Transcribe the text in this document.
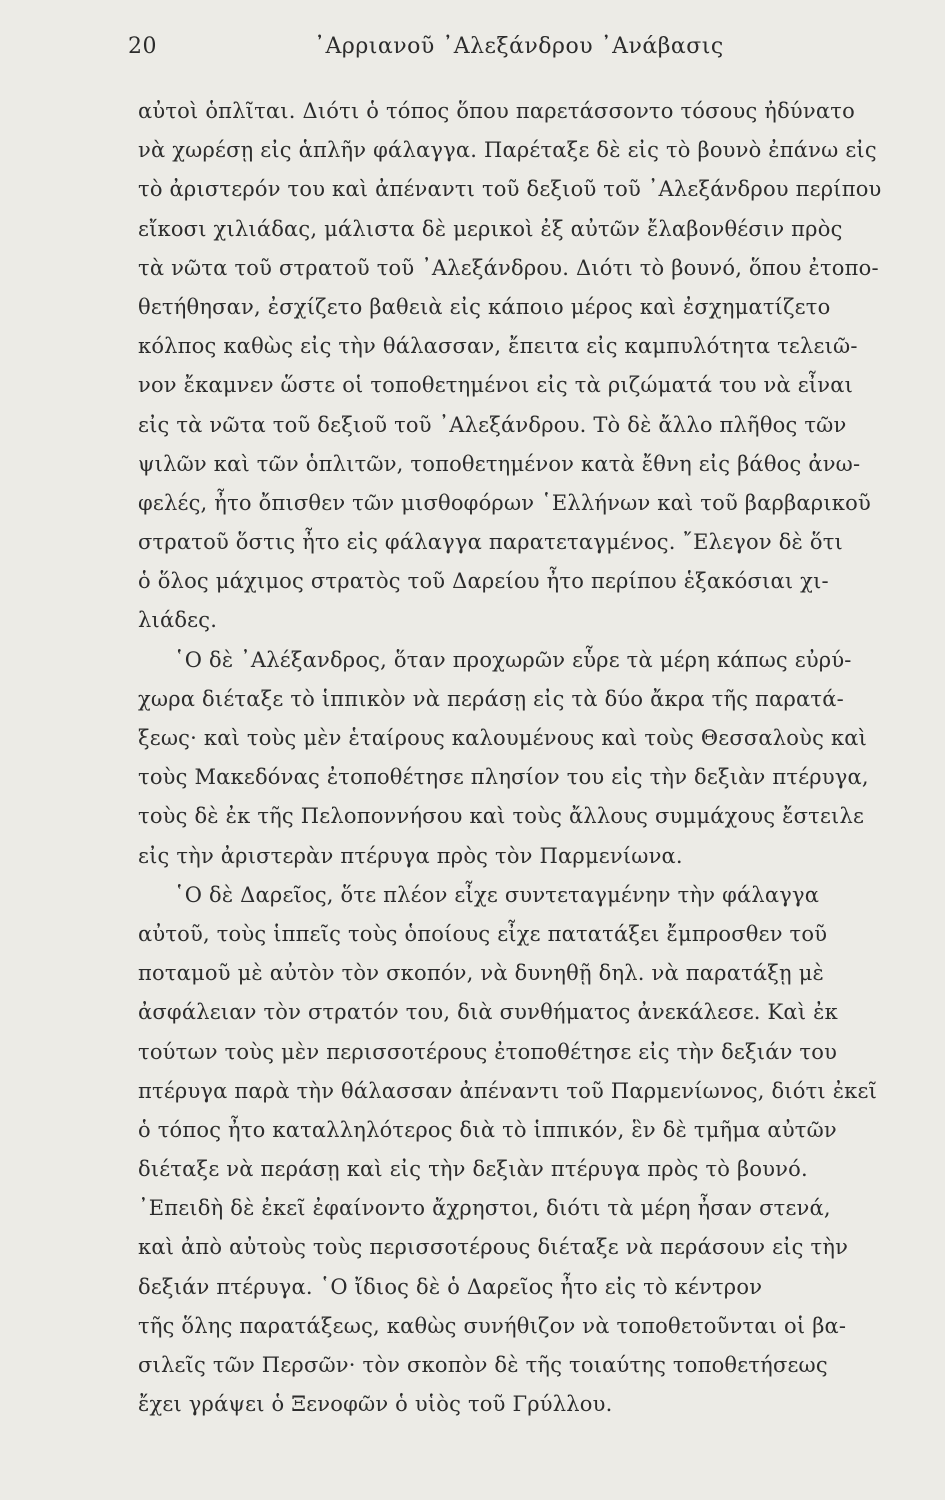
20	᾿Αρριανοῦ ᾿Αλεξάνδρου ᾿Ανάβασις
αὐτοὶ ὁπλῖται. Διότι ὁ τόπος ὅπου παρετάσσοντο τόσους ἠδύνατο
νὰ χωρέσῃ εἰς ἁπλῆν φάλαγγα. Παρέταξε δὲ εἰς τὸ βουνὸ ἐπάνω εἰς
τὸ ἀριστερόν του καὶ ἀπέναντι τοῦ δεξιοῦ τοῦ ᾿Αλεξάνδρου περίπου
εἴκοσι χιλιάδας, μάλιστα δὲ μερικοὶ ἐξ αὐτῶν ἔλαβονθέσιν πρὸς
τὰ νῶτα τοῦ στρατοῦ τοῦ ᾿Αλεξάνδρου. Διότι τὸ βουνό, ὅπου ἐτοπο-
θετήθησαν, ἐσχίζετο βαθειὰ εἰς κάποιο μέρος καὶ ἐσχηματίζετο
κόλπος καθὼς εἰς τὴν θάλασσαν, ἔπειτα εἰς καμπυλότητα τελειῶ-
νον ἔκαμνεν ὥστε οἱ τοποθετημένοι εἰς τὰ ριζώματά του νὰ εἶναι
εἰς τὰ νῶτα τοῦ δεξιοῦ τοῦ ᾿Αλεξάνδρου. Τὸ δὲ ἄλλο πλῆθος τῶν
ψιλῶν καὶ τῶν ὁπλιτῶν, τοποθετημένον κατὰ ἔθνη εἰς βάθος ἀνω-
φελές, ἦτο ὄπισθεν τῶν μισθοφόρων ῾Ελλήνων καὶ τοῦ βαρβαρικοῦ
στρατοῦ ὅστις ἦτο εἰς φάλαγγα παρατεταγμένος. ῎Ελεγον δὲ ὅτι
ὁ ὅλος μάχιμος στρατὸς τοῦ Δαρείου ἦτο περίπου ἑξακόσιαι χι-
λιάδες.
῾Ο δὲ ᾿Αλέξανδρος, ὅταν προχωρῶν εὗρε τὰ μέρη κάπως εὐρύ-
χωρα διέταξε τὸ ἱππικὸν νὰ περάσῃ εἰς τὰ δύο ἄκρα τῆς παρατά-
ξεως· καὶ τοὺς μὲν ἑταίρους καλουμένους καὶ τοὺς Θεσσαλοὺς καὶ
τοὺς Μακεδόνας ἐτοποθέτησε πλησίον του εἰς τὴν δεξιὰν πτέρυγα,
τοὺς δὲ ἐκ τῆς Πελοποννήσου καὶ τοὺς ἄλλους συμμάχους ἔστειλε
εἰς τὴν ἀριστερὰν πτέρυγα πρὸς τὸν Παρμενίωνα.
῾Ο δὲ Δαρεῖος, ὅτε πλέον εἶχε συντεταγμένην τὴν φάλαγγα
αὐτοῦ, τοὺς ἱππεῖς τοὺς ὁποίους εἶχε πατατάξει ἔμπροσθεν τοῦ
ποταμοῦ μὲ αὐτὸν τὸν σκοπόν, νὰ δυνηθῇ δηλ. νὰ παρατάξῃ μὲ
ἀσφάλειαν τὸν στρατόν του, διὰ συνθήματος ἀνεκάλεσε. Καὶ ἐκ
τούτων τοὺς μὲν περισσοτέρους ἐτοποθέτησε εἰς τὴν δεξιάν του
πτέρυγα παρὰ τὴν θάλασσαν ἀπέναντι τοῦ Παρμενίωνος, διότι ἐκεῖ
ὁ τόπος ἦτο καταλληλότερος διὰ τὸ ἱππικόν, ἓν δὲ τμῆμα αὐτῶν
διέταξε νὰ περάσῃ καὶ εἰς τὴν δεξιὰν πτέρυγα πρὸς τὸ βουνό.
᾿Επειδὴ δὲ ἐκεῖ ἐφαίνοντο ἄχρηστοι, διότι τὰ μέρη ἦσαν στενά,
καὶ ἀπὸ αὐτοὺς τοὺς περισσοτέρους διέταξε νὰ περάσουν εἰς τὴν
δεξιάν πτέρυγα. ῾Ο ἴδιος δὲ ὁ Δαρεῖος ἦτο εἰς τὸ κέντρον
τῆς ὅλης παρατάξεως, καθὼς συνήθιζον νὰ τοποθετοῦνται οἱ βα-
σιλεῖς τῶν Περσῶν· τὸν σκοπὸν δὲ τῆς τοιαύτης τοποθετήσεως
ἔχει γράψει ὁ Ξενοφῶν ὁ υἱὸς τοῦ Γρύλλου.
